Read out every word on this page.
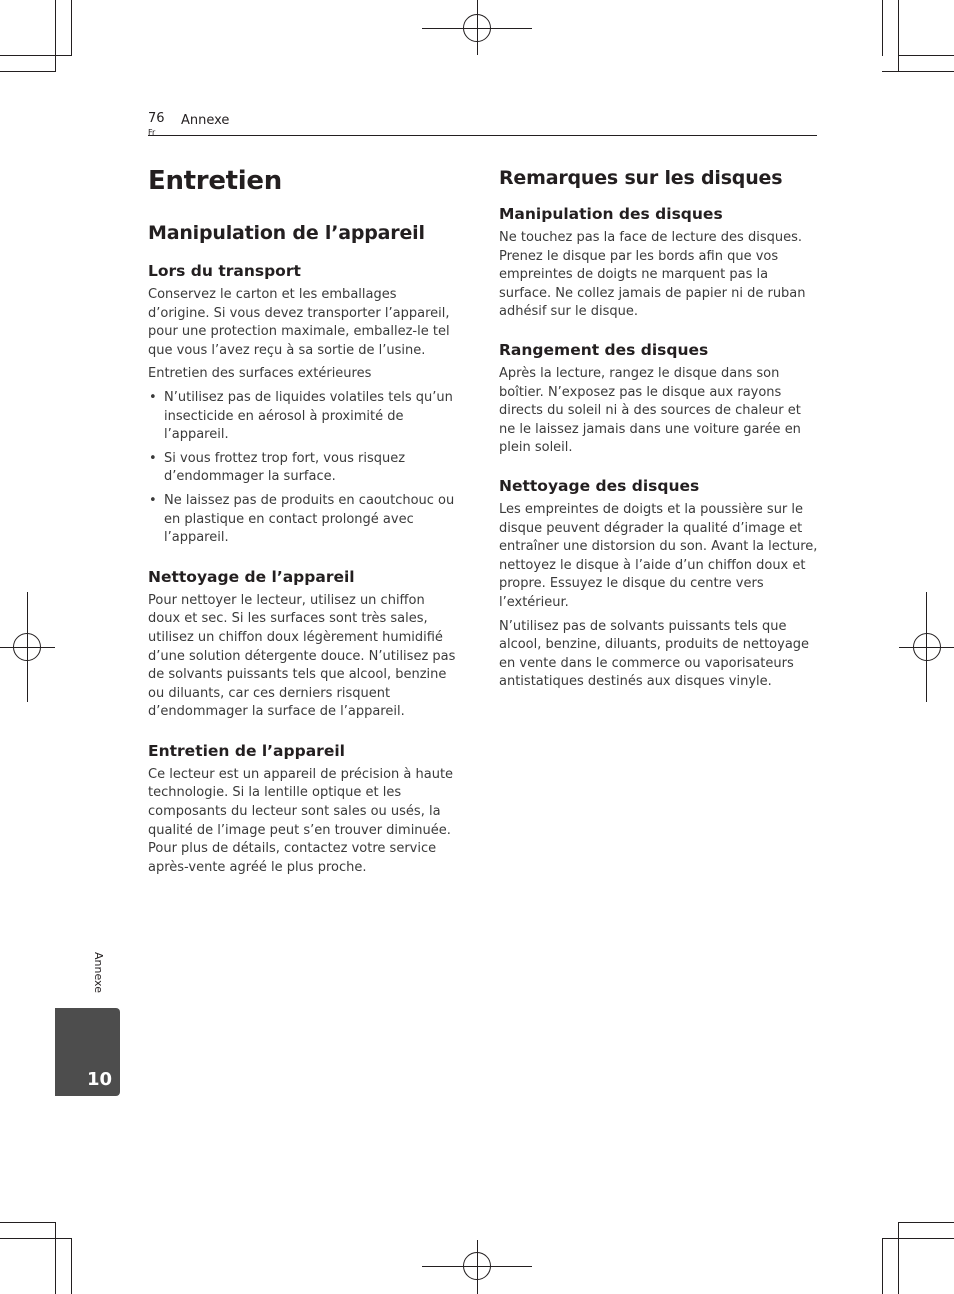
76
Fr
Annexe
Entretien
Manipulation de l’appareil
Lors du transport

Conservez le carton et les emballages d’origine. Si vous devez transporter l’appareil, pour une protection maximale, emballez-le tel que vous l’avez reçu à sa sortie de l’usine.

Entretien des surfaces extérieures

• N’utilisez pas de liquides volatiles tels qu’un insecticide en aérosol à proximité de l’appareil.
• Si vous frottez trop fort, vous risquez d’endommager la surface.
• Ne laissez pas de produits en caoutchouc ou en plastique en contact prolongé avec l’appareil.
Nettoyage de l’appareil

Pour nettoyer le lecteur, utilisez un chiffon doux et sec. Si les surfaces sont très sales, utilisez un chiffon doux légèrement humidifié d’une solution détergente douce. N’utilisez pas de solvants puissants tels que alcool, benzine ou diluants, car ces derniers risquent d’endommager la surface de l’appareil.

Entretien de l’appareil

Ce lecteur est un appareil de précision à haute technologie. Si la lentille optique et les composants du lecteur sont sales ou usés, la qualité de l’image peut s’en trouver diminuée. Pour plus de détails, contactez votre service après-vente agréé le plus proche.

Remarques sur les disques
Manipulation des disques

Ne touchez pas la face de lecture des disques. Prenez le disque par les bords afin que vos empreintes de doigts ne marquent pas la surface. Ne collez jamais de papier ni de ruban adhésif sur le disque.

Rangement des disques

Après la lecture, rangez le disque dans son boîtier. N’exposez pas le disque aux rayons directs du soleil ni à des sources de chaleur et ne le laissez jamais dans une voiture garée en plein soleil.

Nettoyage des disques

Les empreintes de doigts et la poussière sur le disque peuvent dégrader la qualité d’image et entraîner une distorsion du son. Avant la lecture, nettoyez le disque à l’aide d’un chiffon doux et propre. Essuyez le disque du centre vers l’extérieur.

N’utilisez pas de solvants puissants tels que alcool, benzine, diluants, produits de nettoyage en vente dans le commerce ou vaporisateurs antistatiques destinés aux disques vinyle.

Annexe
10
